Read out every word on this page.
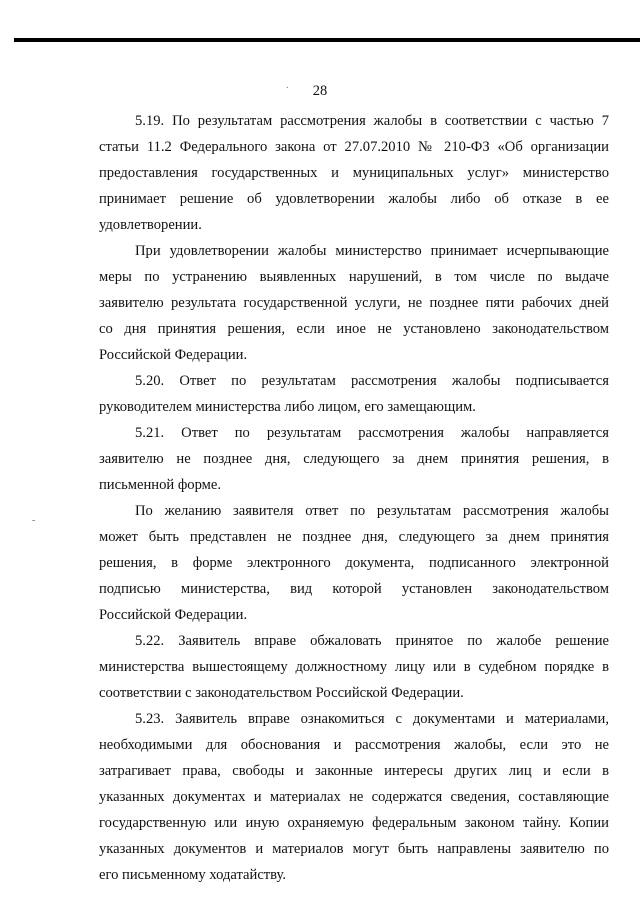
28
.
-
5.19. По результатам рассмотрения жалобы в соответствии с частью 7
статьи 11.2 Федерального закона от 27.07.2010 № 210-ФЗ «Об организации
предоставления государственных и муниципальных услуг» министерство
принимает решение об удовлетворении жалобы либо об отказе в ее
удовлетворении.
При удовлетворении жалобы министерство принимает исчерпывающие
меры по устранению выявленных нарушений, в том числе по выдаче
заявителю результата государственной услуги, не позднее пяти рабочих дней
со дня принятия решения, если иное не установлено законодательством
Российской Федерации.
5.20. Ответ по результатам рассмотрения жалобы подписывается
руководителем министерства либо лицом, его замещающим.
5.21. Ответ по результатам рассмотрения жалобы направляется
заявителю не позднее дня, следующего за днем принятия решения, в
письменной форме.
По желанию заявителя ответ по результатам рассмотрения жалобы
может быть представлен не позднее дня, следующего за днем принятия
решения, в форме электронного документа, подписанного электронной
подписью министерства, вид которой установлен законодательством
Российской Федерации.
5.22. Заявитель вправе обжаловать принятое по жалобе решение
министерства вышестоящему должностному лицу или в судебном порядке в
соответствии с законодательством Российской Федерации.
5.23. Заявитель вправе ознакомиться с документами и материалами,
необходимыми для обоснования и рассмотрения жалобы, если это не
затрагивает права, свободы и законные интересы других лиц и если в
указанных документах и материалах не содержатся сведения, составляющие
государственную или иную охраняемую федеральным законом тайну. Копии
указанных документов и материалов могут быть направлены заявителю по
его письменному ходатайству.
